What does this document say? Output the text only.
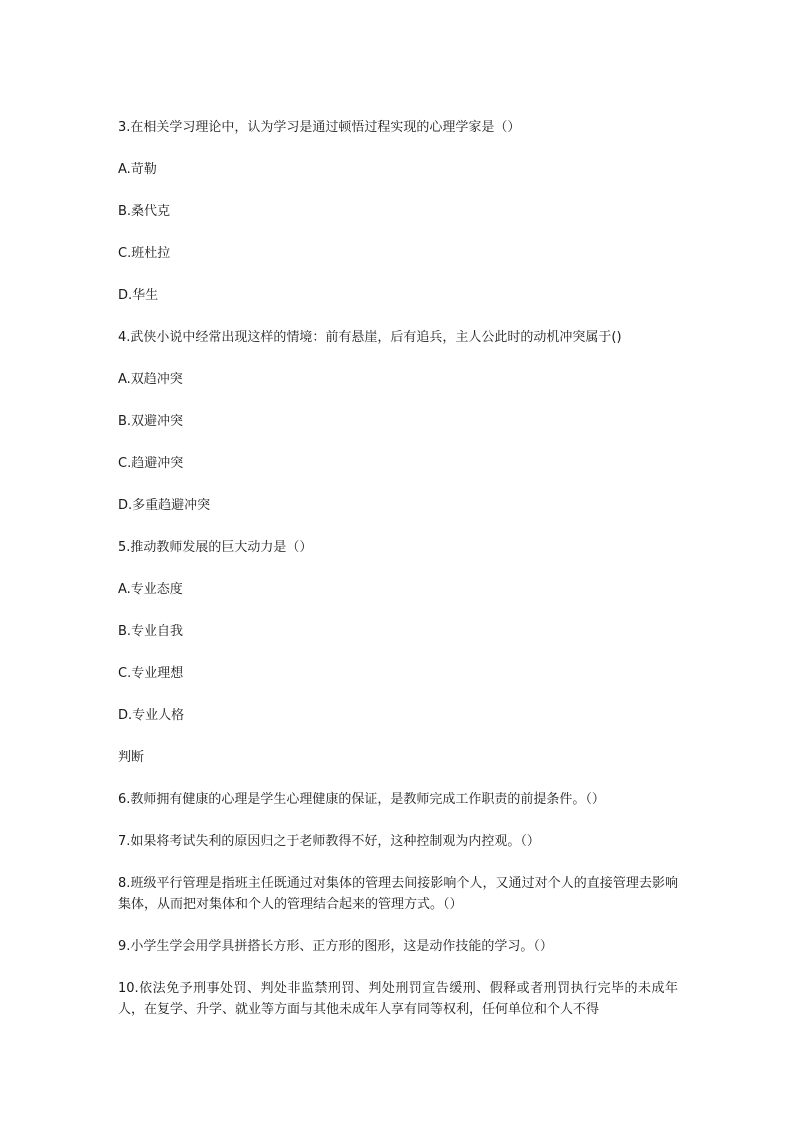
3.在相关学习理论中，认为学习是通过顿悟过程实现的心理学家是（）
A.苛勒
B.桑代克
C.班杜拉
D.华生
4.武侠小说中经常出现这样的情境：前有悬崖，后有追兵，主人公此时的动机冲突属于()
A.双趋冲突
B.双避冲突
C.趋避冲突
D.多重趋避冲突
5.推动教师发展的巨大动力是（）
A.专业态度
B.专业自我
C.专业理想
D.专业人格
判断
6.教师拥有健康的心理是学生心理健康的保证，是教师完成工作职责的前提条件。（）
7.如果将考试失利的原因归之于老师教得不好，这种控制观为内控观。（）
8.班级平行管理是指班主任既通过对集体的管理去间接影响个人，又通过对个人的直接管理去影响集体，从而把对集体和个人的管理结合起来的管理方式。（）
9.小学生学会用学具拼搭长方形、正方形的图形，这是动作技能的学习。（）
10.依法免予刑事处罚、判处非监禁刑罚、判处刑罚宣告缓刑、假释或者刑罚执行完毕的未成年人，在复学、升学、就业等方面与其他未成年人享有同等权利，任何单位和个人不得
